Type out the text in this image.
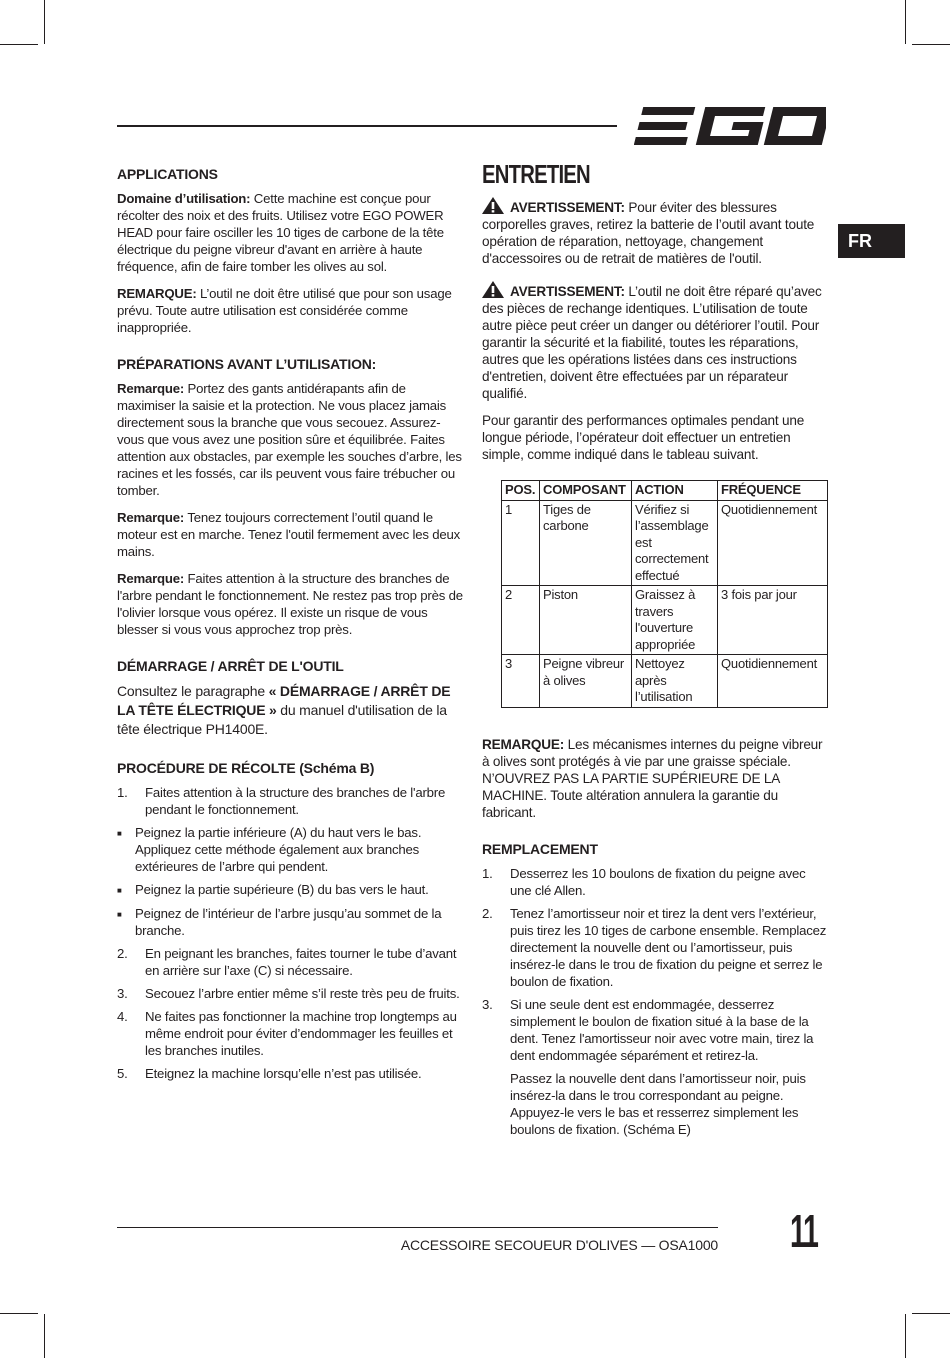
FR
APPLICATIONS

Domaine d’utilisation: Cette machine est conçue pour récolter des noix et des fruits. Utilisez votre EGO POWER HEAD pour faire osciller les 10 tiges de carbone de la tête électrique du peigne vibreur d'avant en arrière à haute fréquence, afin de faire tomber les olives au sol.

REMARQUE: L’outil ne doit être utilisé que pour son usage prévu. Toute autre utilisation est considérée comme inappropriée.

PRÉPARATIONS AVANT L’UTILISATION:

Remarque: Portez des gants antidérapants afin de maximiser la saisie et la protection. Ne vous placez jamais directement sous la branche que vous secouez. Assurez-vous que vous avez une position sûre et équilibrée. Faites attention aux obstacles, par exemple les souches d’arbre, les racines et les fossés, car ils peuvent vous faire trébucher ou tomber.

Remarque: Tenez toujours correctement l’outil quand le moteur est en marche. Tenez l'outil fermement avec les deux mains.

Remarque: Faites attention à la structure des branches de l'arbre pendant le fonctionnement. Ne restez pas trop près de l'olivier lorsque vous opérez. Il existe un risque de vous blesser si vous vous approchez trop près.

DÉMARRAGE / ARRÊT DE L'OUTIL

Consultez le paragraphe « DÉMARRAGE / ARRÊT DE LA TÊTE ÉLECTRIQUE » du manuel d'utilisation de la tête électrique PH1400E.

PROCÉDURE DE RÉCOLTE (Schéma B)
1.	Faites attention à la structure des branches de l'arbre pendant le fonctionnement.
■	Peignez la partie inférieure (A) du haut vers le bas. Appliquez cette méthode également aux branches extérieures de l’arbre qui pendent.
■	Peignez la partie supérieure (B) du bas vers le haut.
■	Peignez de l’intérieur de l’arbre jusqu’au sommet de la branche.
2.	En peignant les branches, faites tourner le tube d’avant en arrière sur l’axe (C) si nécessaire.
3.	Secouez l’arbre entier même s’il reste très peu de fruits.
4.	Ne faites pas fonctionner la machine trop longtemps au même endroit pour éviter d’endommager les feuilles et les branches inutiles.
5.	Eteignez la machine lorsqu’elle n’est pas utilisée.
ENTRETIEN

AVERTISSEMENT: Pour éviter des blessures corporelles graves, retirez la batterie de l’outil avant toute opération de réparation, nettoyage, changement d'accessoires ou de retrait de matières de l'outil.

AVERTISSEMENT: L’outil ne doit être réparé qu’avec des pièces de rechange identiques. L’utilisation de toute autre pièce peut créer un danger ou détériorer l’outil. Pour garantir la sécurité et la fiabilité, toutes les réparations, autres que les opérations listées dans ces instructions d'entretien, doivent être effectuées par un réparateur qualifié.

Pour garantir des performances optimales pendant une longue période, l’opérateur doit effectuer un entretien simple, comme indiqué dans le tableau suivant.

POS.	COMPOSANT	ACTION	FRÉQUENCE
1	Tiges de carbone	Vérifiez si l’assemblage est correctement effectué	Quotidiennement
2	Piston	Graissez à travers l'ouverture appropriée	3 fois par jour
3	Peigne vibreur à olives	Nettoyez après l’utilisation	Quotidiennement

REMARQUE: Les mécanismes internes du peigne vibreur à olives sont protégés à vie par une graisse spéciale. N’OUVREZ PAS LA PARTIE SUPÉRIEURE DE LA MACHINE. Toute altération annulera la garantie du fabricant.

REMPLACEMENT
1.	Desserrez les 10 boulons de fixation du peigne avec une clé Allen.
2.	Tenez l’amortisseur noir et tirez la dent vers l’extérieur, puis tirez les 10 tiges de carbone ensemble. Remplacez directement la nouvelle dent ou l’amortisseur, puis insérez-le dans le trou de fixation du peigne et serrez le boulon de fixation.
3.	Si une seule dent est endommagée, desserrez simplement le boulon de fixation situé à la base de la dent. Tenez l'amortisseur noir avec votre main, tirez la dent endommagée séparément et retirez-la.

Passez la nouvelle dent dans l’amortisseur noir, puis insérez-la dans le trou correspondant au peigne. Appuyez-le vers le bas et resserrez simplement les boulons de fixation. (Schéma E)

ACCESSOIRE SECOUEUR D'OLIVES — OSA1000 11
